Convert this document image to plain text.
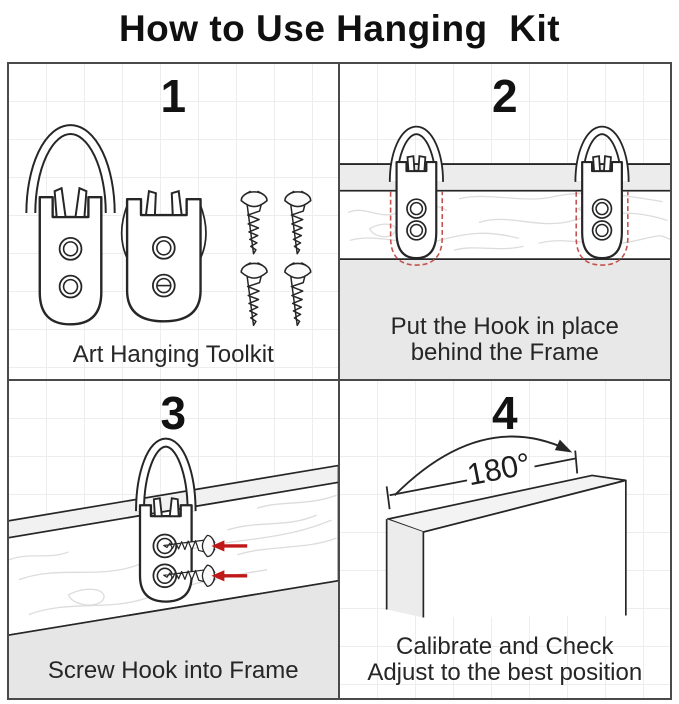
How to Use Hanging  Kit
1
Art Hanging Toolkit
2
Put the Hook in place
behind the Frame
3
Screw Hook into Frame
4
180°
Calibrate and Check
Adjust to the best position
